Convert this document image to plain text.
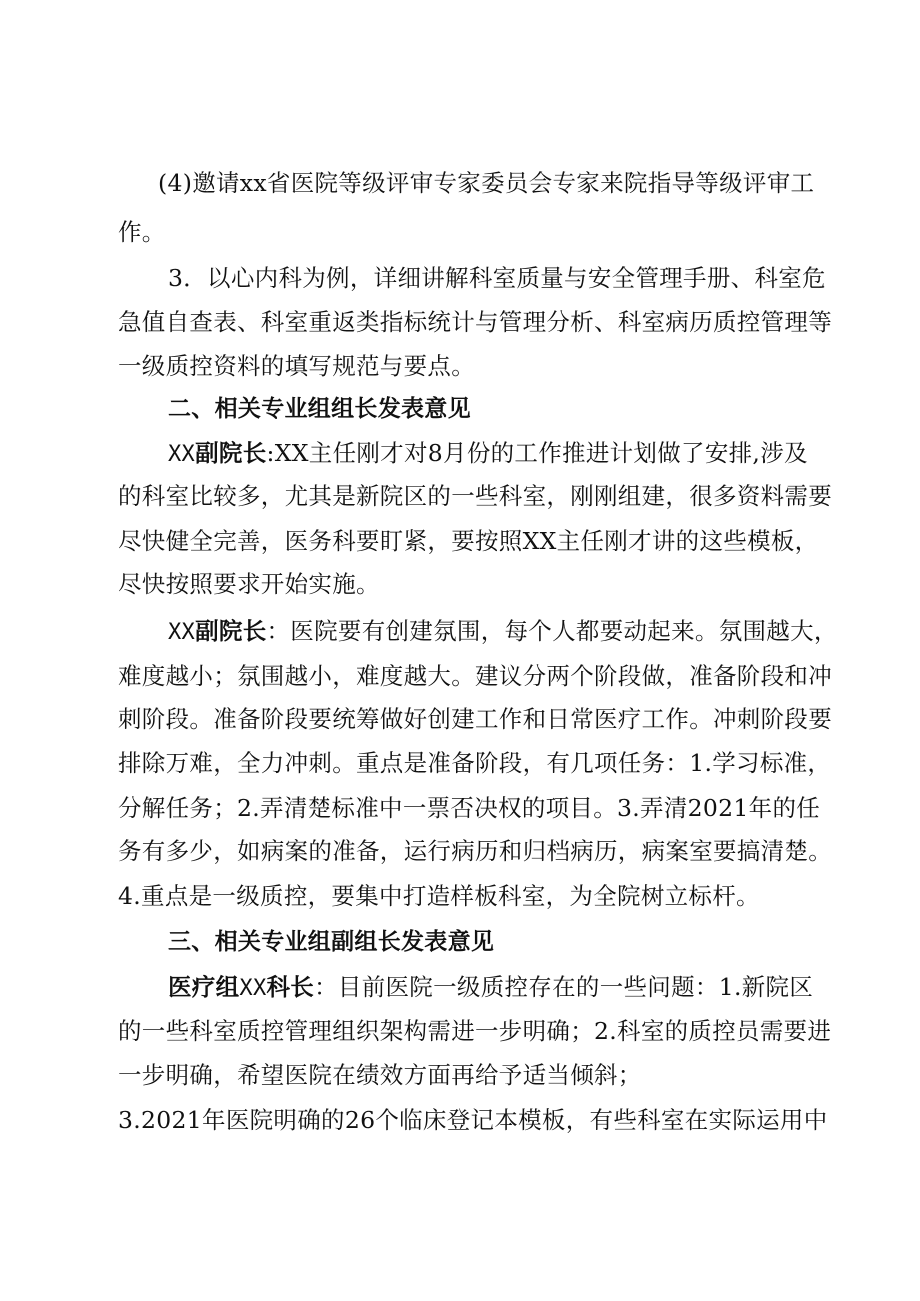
(4)邀请xx省医院等级评审专家委员会专家来院指导等级评审工
作。
3．以心内科为例，详细讲解科室质量与安全管理手册、科室危
急值自查表、科室重返类指标统计与管理分析、科室病历质控管理等
一级质控资料的填写规范与要点。
二、相关专业组组长发表意见
XX副院长:XX主任刚才对8月份的工作推进计划做了安排,涉及
的科室比较多，尤其是新院区的一些科室，刚刚组建，很多资料需要
尽快健全完善，医务科要盯紧，要按照XX主任刚才讲的这些模板，
尽快按照要求开始实施。
XX副院长：医院要有创建氛围，每个人都要动起来。氛围越大，
难度越小；氛围越小，难度越大。建议分两个阶段做，准备阶段和冲
刺阶段。准备阶段要统筹做好创建工作和日常医疗工作。冲刺阶段要
排除万难，全力冲刺。重点是准备阶段，有几项任务：1.学习标准，
分解任务；2.弄清楚标准中一票否决权的项目。3.弄清2021年的任
务有多少，如病案的准备，运行病历和归档病历，病案室要搞清楚。
4.重点是一级质控，要集中打造样板科室，为全院树立标杆。
三、相关专业组副组长发表意见
医疗组XX科长：目前医院一级质控存在的一些问题：1.新院区
的一些科室质控管理组织架构需进一步明确；2.科室的质控员需要进
一步明确，希望医院在绩效方面再给予适当倾斜；
3.2021年医院明确的26个临床登记本模板，有些科室在实际运用中
